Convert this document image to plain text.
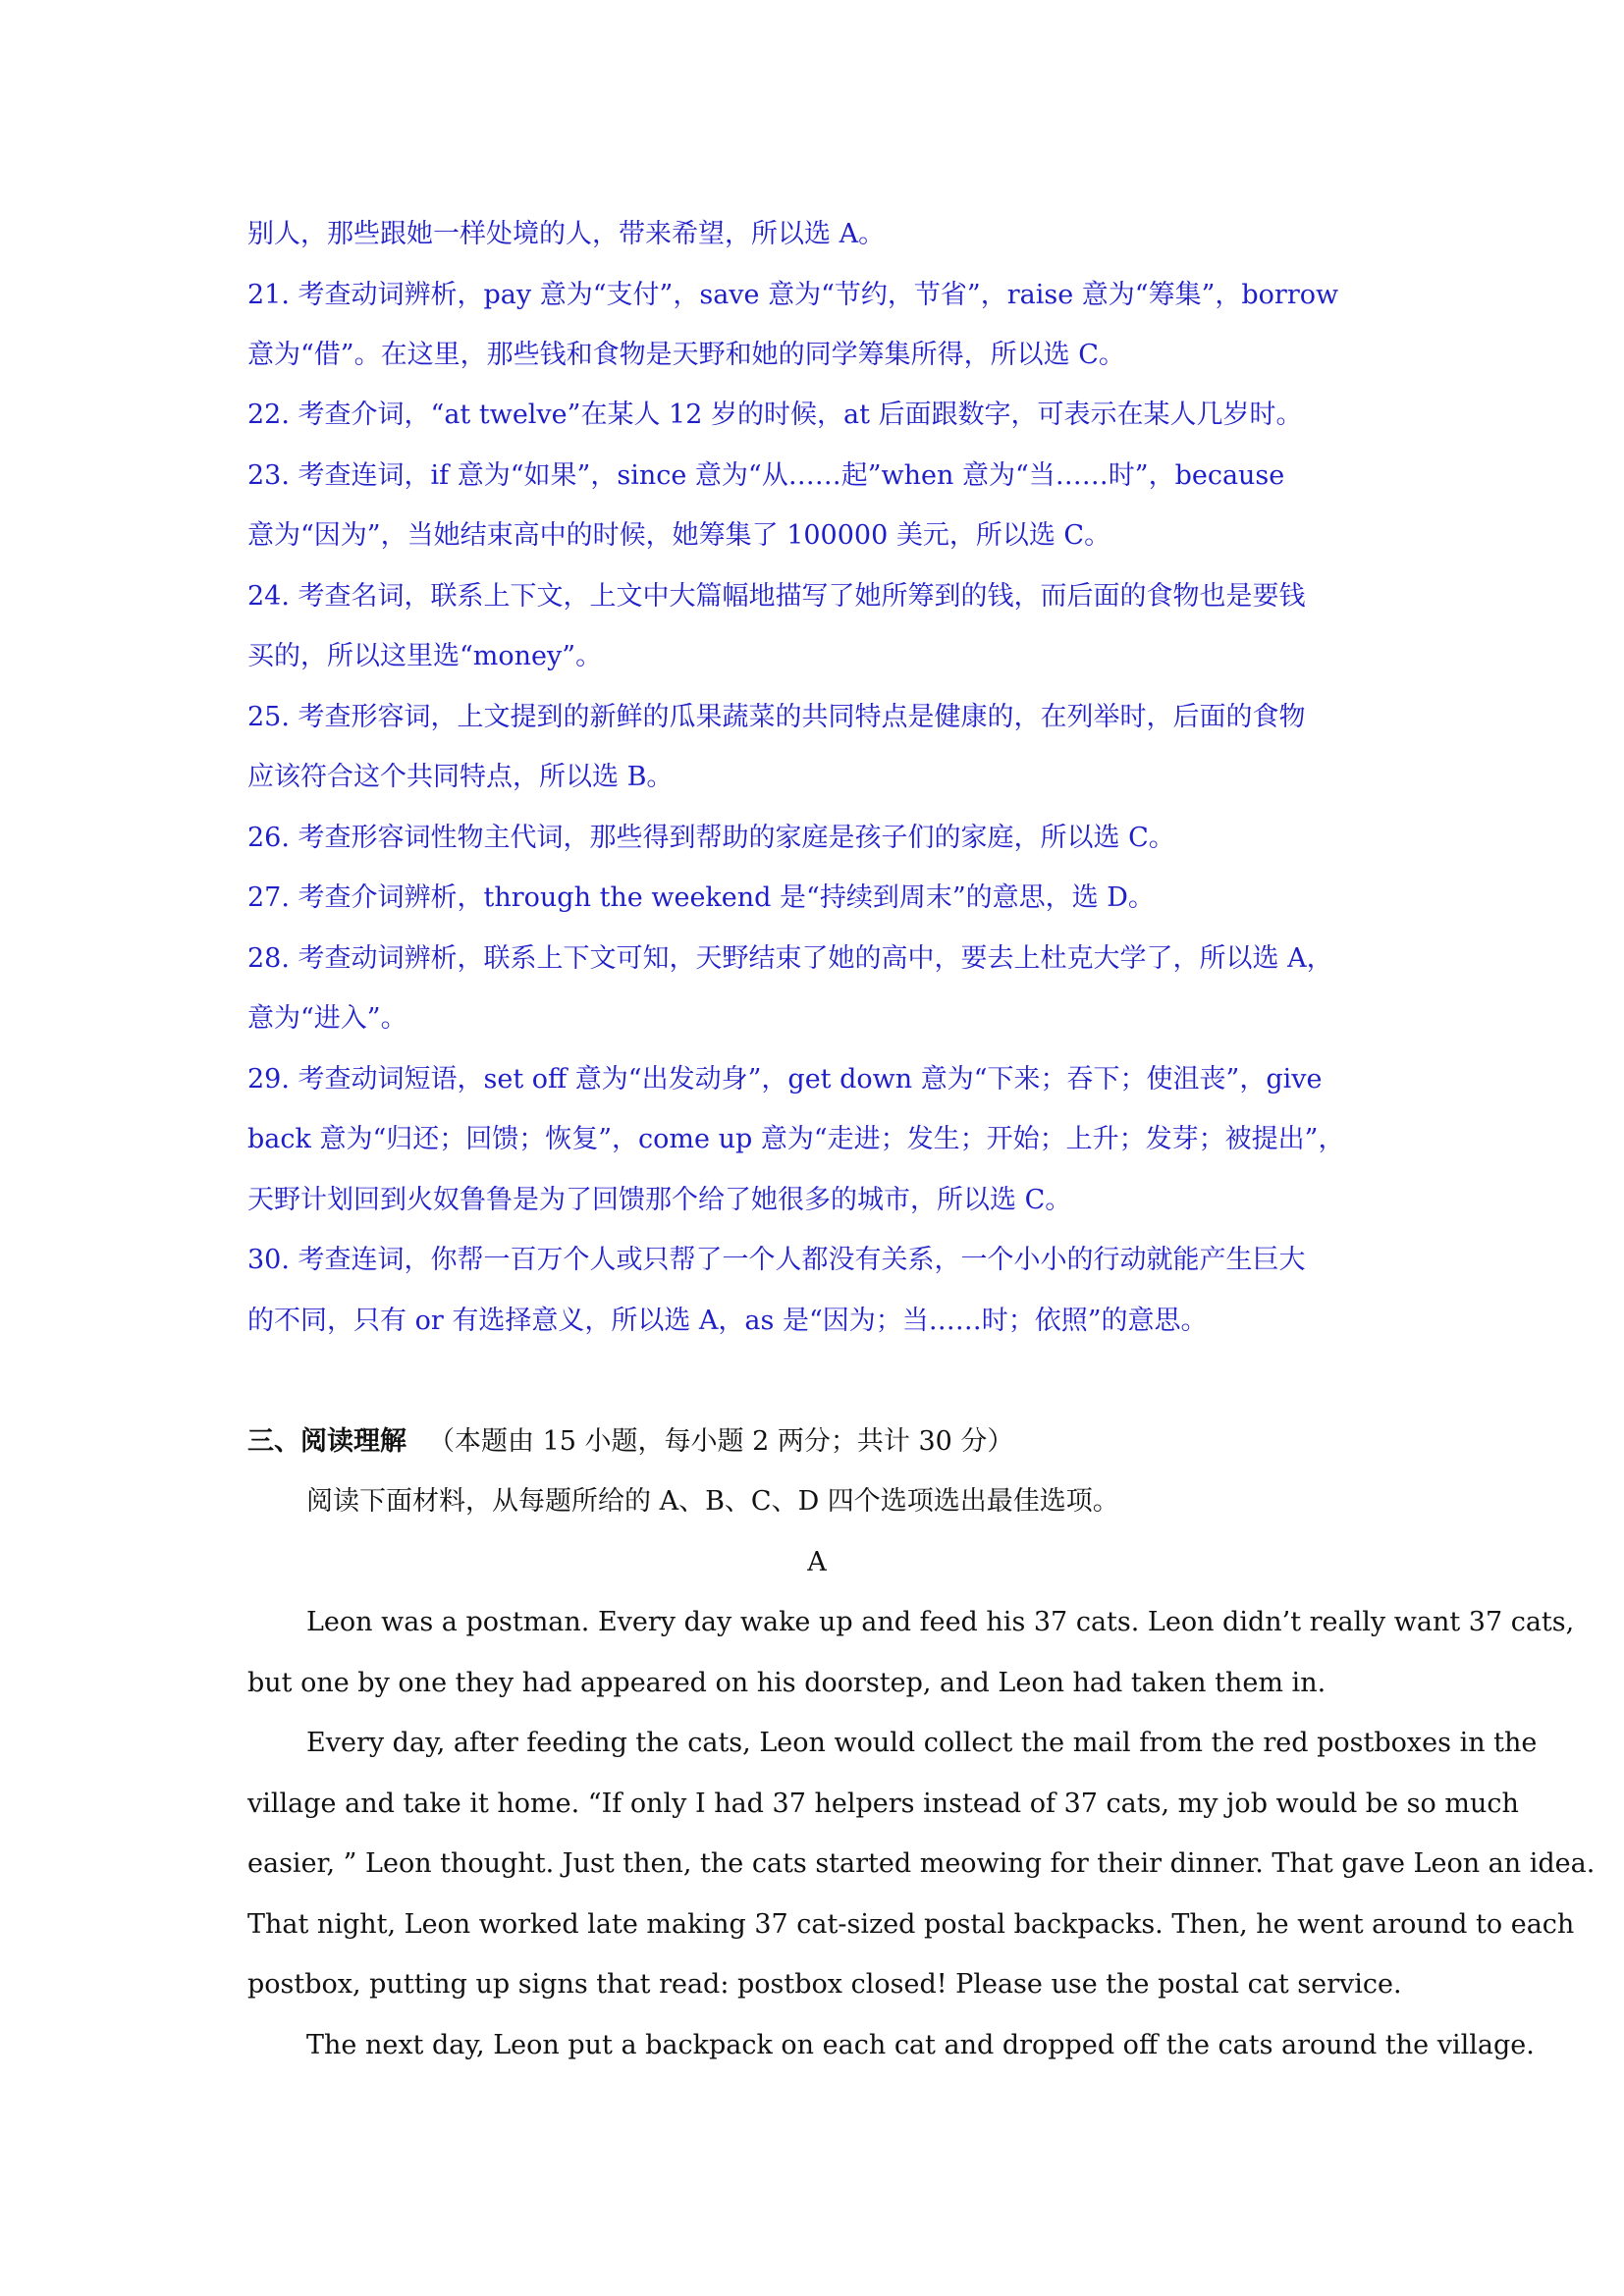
别人，那些跟她一样处境的人，带来希望，所以选 A。
21. 考查动词辨析，pay 意为“支付”，save 意为“节约，节省”，raise 意为“筹集”，borrow
意为“借”。在这里，那些钱和食物是天野和她的同学筹集所得，所以选 C。
22. 考查介词，“at twelve”在某人 12 岁的时候，at 后面跟数字，可表示在某人几岁时。
23. 考查连词，if 意为“如果”，since 意为“从……起”when 意为“当……时”，because
意为“因为”，当她结束高中的时候，她筹集了 100000 美元，所以选 C。
24. 考查名词，联系上下文，上文中大篇幅地描写了她所筹到的钱，而后面的食物也是要钱
买的，所以这里选“money”。
25. 考查形容词，上文提到的新鲜的瓜果蔬菜的共同特点是健康的，在列举时，后面的食物
应该符合这个共同特点，所以选 B。
26. 考查形容词性物主代词，那些得到帮助的家庭是孩子们的家庭，所以选 C。
27. 考查介词辨析，through the weekend 是“持续到周末”的意思，选 D。
28. 考查动词辨析，联系上下文可知，天野结束了她的高中，要去上杜克大学了，所以选 A，
意为“进入”。
29. 考查动词短语，set off 意为“出发动身”，get down 意为“下来；吞下；使沮丧”，give
back 意为“归还；回馈；恢复”，come up 意为“走进；发生；开始；上升；发芽；被提出”，
天野计划回到火奴鲁鲁是为了回馈那个给了她很多的城市，所以选 C。
30. 考查连词，你帮一百万个人或只帮了一个人都没有关系，一个小小的行动就能产生巨大
的不同，只有 or 有选择意义，所以选 A，as 是“因为；当……时；依照”的意思。
三、阅读理解 （本题由 15 小题，每小题 2 两分；共计 30 分）
阅读下面材料，从每题所给的 A、B、C、D 四个选项选出最佳选项。
A
Leon was a postman. Every day wake up and feed his 37 cats. Leon didn’t really want 37 cats,
but one by one they had appeared on his doorstep, and Leon had taken them in.
Every day, after feeding the cats, Leon would collect the mail from the red postboxes in the
village and take it home. “If only I had 37 helpers instead of 37 cats, my job would be so much
easier, ” Leon thought. Just then, the cats started meowing for their dinner. That gave Leon an idea.
That night, Leon worked late making 37 cat-sized postal backpacks. Then, he went around to each
postbox, putting up signs that read: postbox closed! Please use the postal cat service.
The next day, Leon put a backpack on each cat and dropped off the cats around the village.
